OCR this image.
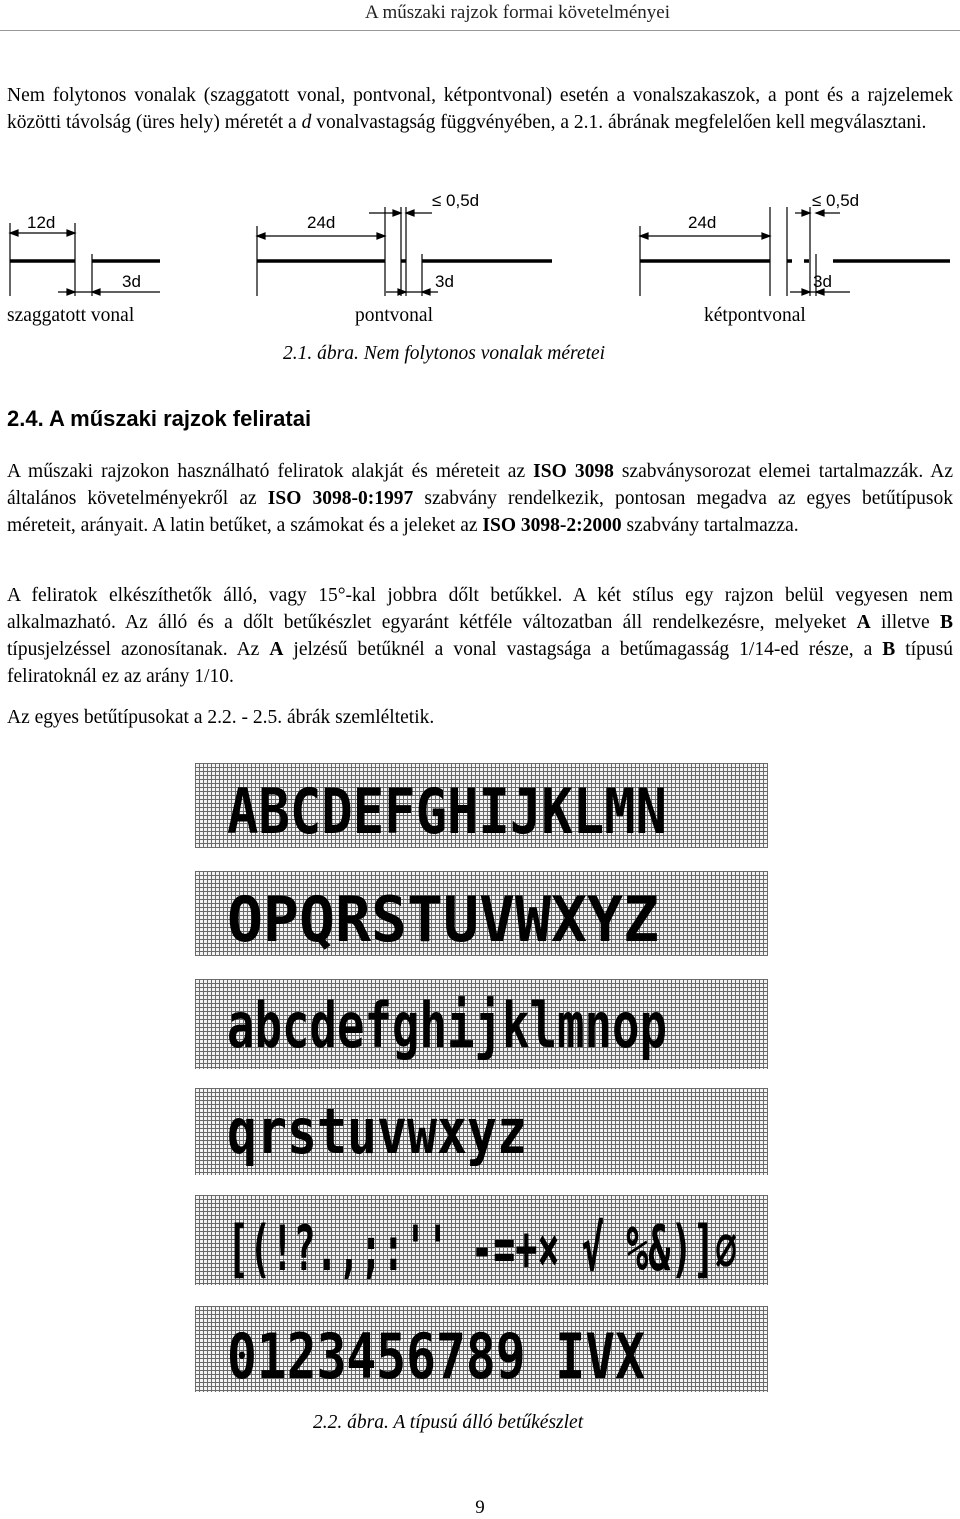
A műszaki rajzok formai követelményei

Nem folytonos vonalak (szaggatott vonal, pontvonal, kétpontvonal) esetén a vonalszakaszok, a pont és a rajzelemek közötti távolság (üres hely) méretét a d vonalvastagság függvényében, a 2.1. ábrának megfelelően kell megválasztani.

12d
3d
24d
3d
≤ 0,5d
24d
3d
≤ 0,5d
szaggatott vonal	pontvonal	kétpontvonal
2.1. ábra. Nem folytonos vonalak méretei
2.4. A műszaki rajzok feliratai

A műszaki rajzokon használható feliratok alakját és méreteit az ISO 3098 szabványsorozat elemei tartalmazzák. Az általános követelményekről az ISO 3098-0:1997 szabvány rendelkezik, pontosan megadva az egyes betűtípusok méreteit, arányait. A latin betűket, a számokat és a jeleket az ISO 3098-2:2000 szabvány tartalmazza.

A feliratok elkészíthetők álló, vagy 15°-kal jobbra dőlt betűkkel. A két stílus egy rajzon belül vegyesen nem alkalmazható. Az álló és a dőlt betűkészlet egyaránt kétféle változatban áll rendelkezésre, melyeket A illetve B típusjelzéssel azonosítanak. Az A jelzésű betűknél a vonal vastagsága a betűmagasság 1/14-ed része, a B típusú feliratoknál ez az arány 1/10.

Az egyes betűtípusokat a 2.2. - 2.5. ábrák szemléltetik.

ABCDEFGHIJKLMN
OPQRSTUVWXYZ
abcdefghijklmnop
qrstuvwxyz
[(!?.,;:'' -=+× √ %&)]∅
0123456789 IVX
2.2. ábra. A típusú álló betűkészlet
9
